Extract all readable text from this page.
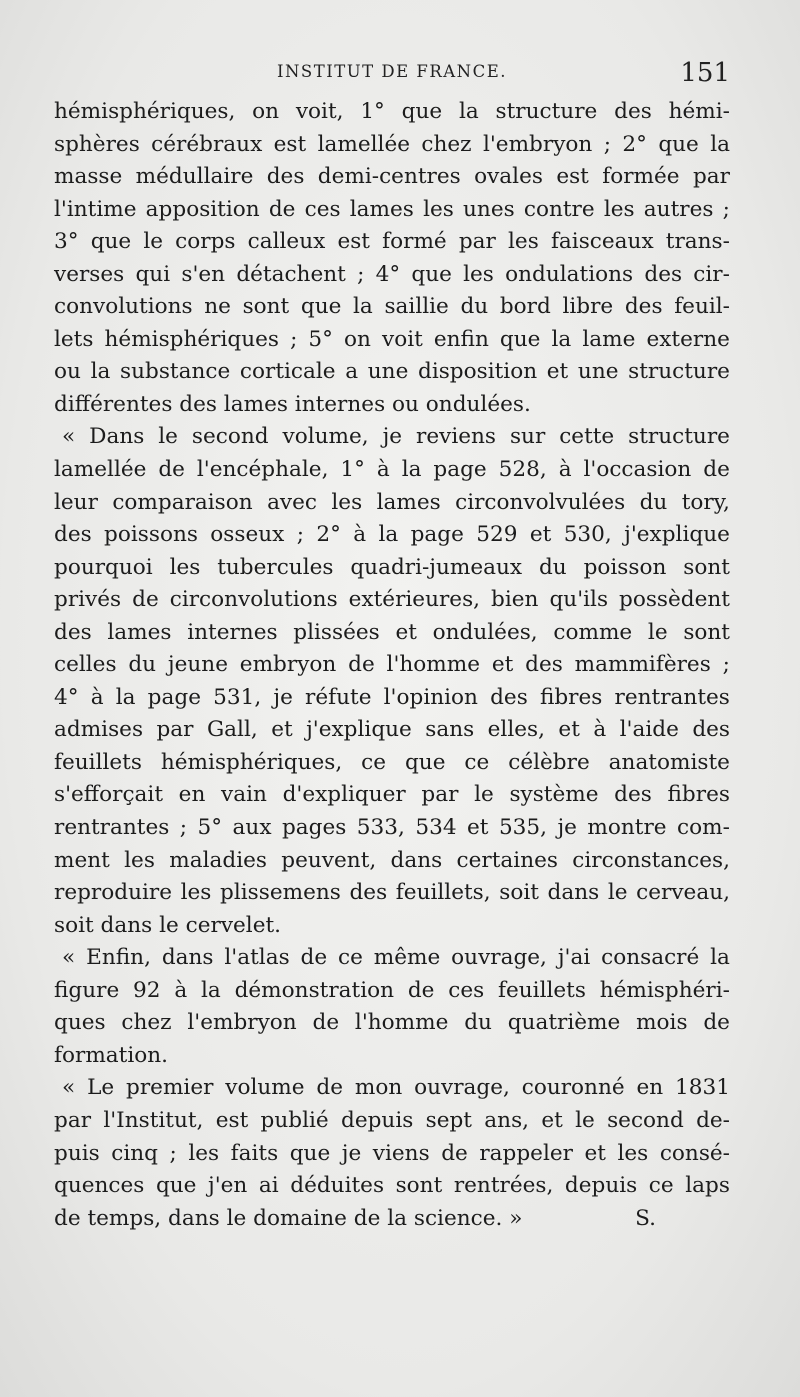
INSTITUT DE FRANCE.	151
hémisphériques, on voit, 1° que la structure des hémi-
sphères cérébraux est lamellée chez l'embryon ; 2° que la
masse médullaire des demi-centres ovales est formée par
l'intime apposition de ces lames les unes contre les autres ;
3° que le corps calleux est formé par les faisceaux trans-
verses qui s'en détachent ; 4° que les ondulations des cir-
convolutions ne sont que la saillie du bord libre des feuil-
lets hémisphériques ; 5° on voit enfin que la lame externe
ou la substance corticale a une disposition et une structure
différentes des lames internes ou ondulées.
« Dans le second volume, je reviens sur cette structure
lamellée de l'encéphale, 1° à la page 528, à l'occasion de
leur comparaison avec les lames circonvolvulées du tory,
des poissons osseux ; 2° à la page 529 et 530, j'explique
pourquoi les tubercules quadri-jumeaux du poisson sont
privés de circonvolutions extérieures, bien qu'ils possèdent
des lames internes plissées et ondulées, comme le sont
celles du jeune embryon de l'homme et des mammifères ;
4° à la page 531, je réfute l'opinion des fibres rentrantes
admises par Gall, et j'explique sans elles, et à l'aide des
feuillets hémisphériques, ce que ce célèbre anatomiste
s'efforçait en vain d'expliquer par le système des fibres
rentrantes ; 5° aux pages 533, 534 et 535, je montre com-
ment les maladies peuvent, dans certaines circonstances,
reproduire les plissemens des feuillets, soit dans le cerveau,
soit dans le cervelet.
« Enfin, dans l'atlas de ce même ouvrage, j'ai consacré la
figure 92 à la démonstration de ces feuillets hémisphéri-
ques chez l'embryon de l'homme du quatrième mois de
formation.
« Le premier volume de mon ouvrage, couronné en 1831
par l'Institut, est publié depuis sept ans, et le second de-
puis cinq ; les faits que je viens de rappeler et les consé-
quences que j'en ai déduites sont rentrées, depuis ce laps
de temps, dans le domaine de la science. »	S.
